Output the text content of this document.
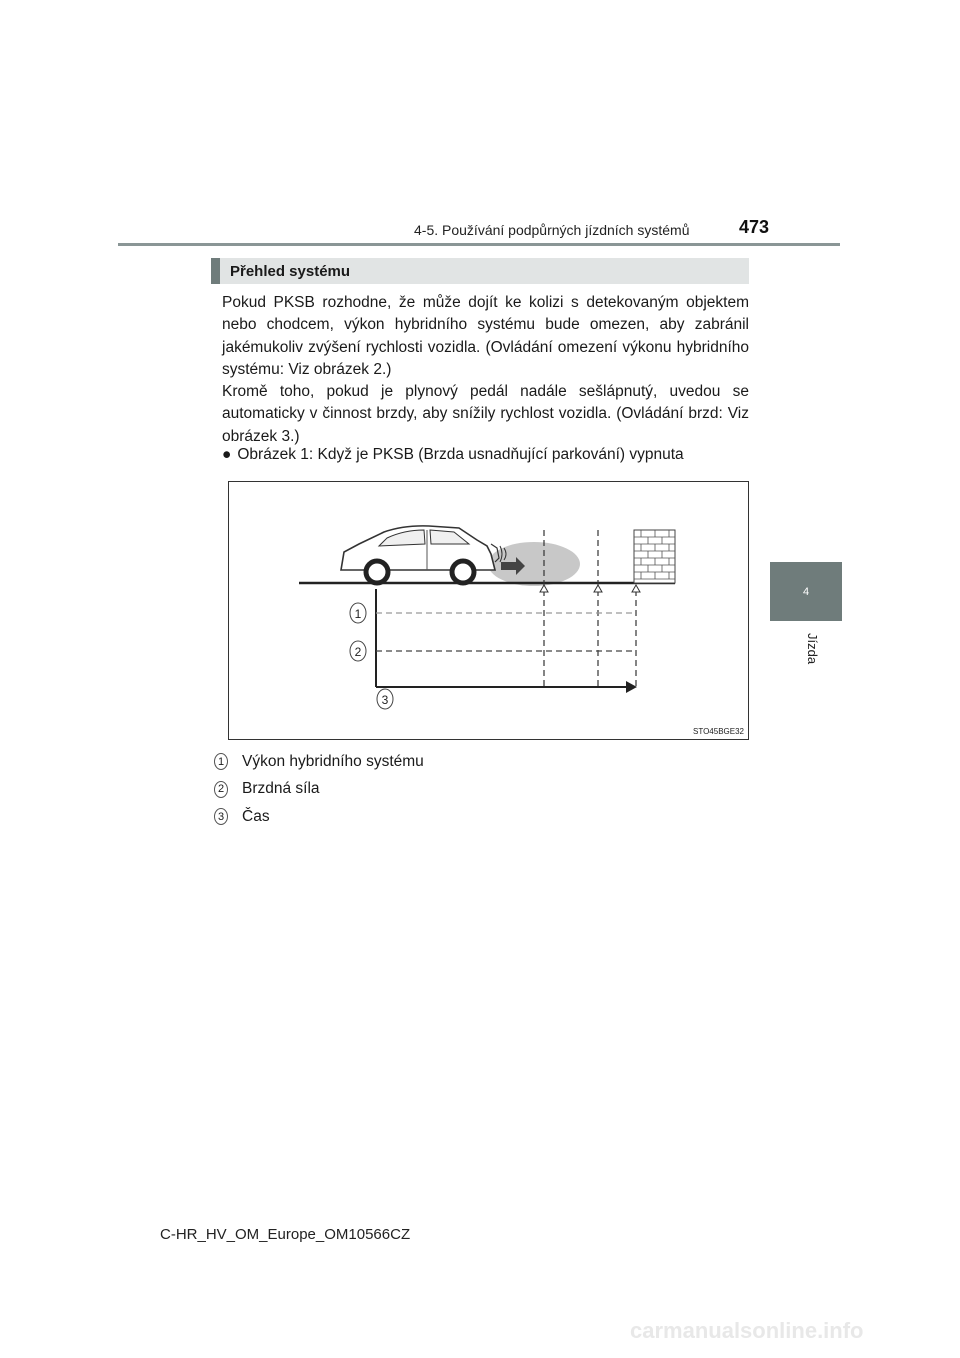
4-5. Používání podpůrných jízdních systémů	473
4
Jízda
Přehled systému

Pokud PKSB rozhodne, že může dojít ke kolizi s detekovaným objektem nebo chodcem, výkon hybridního systému bude omezen, aby zabránil jakémukoliv zvýšení rychlosti vozidla. (Ovládání omezení výkonu hybridního systému: Viz obrázek 2.)

Kromě toho, pokud je plynový pedál nadále sešlápnutý, uvedou se automaticky v činnost brzdy, aby snížily rychlost vozidla. (Ovládání brzd: Viz obrázek 3.)

● Obrázek 1: Když je PKSB (Brzda usnadňující parkování) vypnuta
1
2
3
STO45BGE32
1 Výkon hybridního systému
2 Brzdná síla
3 Čas
C-HR_HV_OM_Europe_OM10566CZ
carmanualsonline.info
